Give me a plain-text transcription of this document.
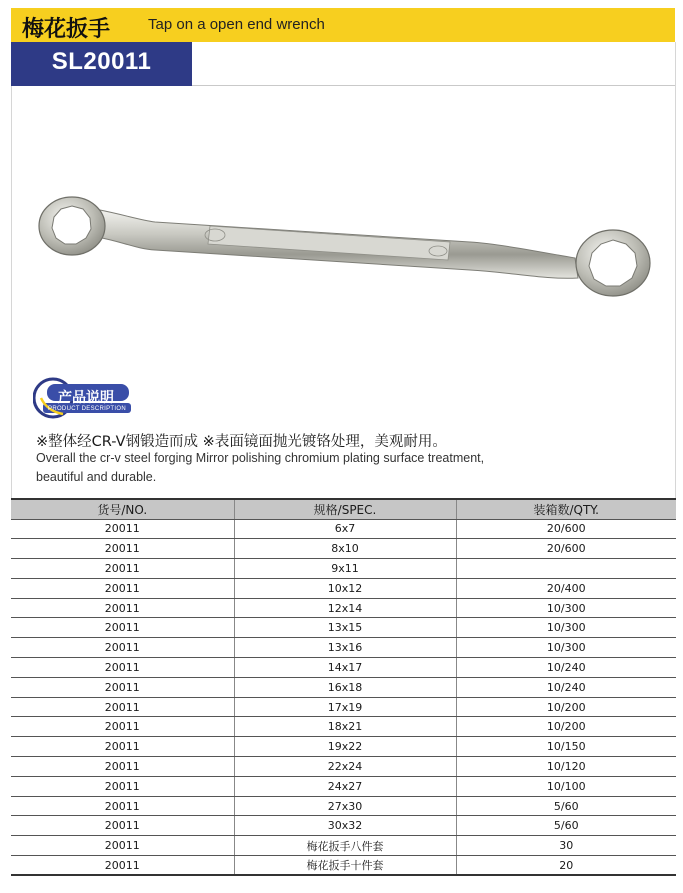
梅花扳手	Tap on a open end wrench
SL20011
产品说明
PRODUCT DESCRIPTION
※整体经CR-V钢锻造而成 ※表面镜面抛光镀铬处理，美观耐用。
Overall the cr-v steel forging Mirror polishing chromium plating surface treatment,
beautiful and durable.
货号/NO.	规格/SPEC.	装箱数/QTY.
20011	6x7	20/600
20011	8x10	20/600
20011	9x11	
20011	10x12	20/400
20011	12x14	10/300
20011	13x15	10/300
20011	13x16	10/300
20011	14x17	10/240
20011	16x18	10/240
20011	17x19	10/200
20011	18x21	10/200
20011	19x22	10/150
20011	22x24	10/120
20011	24x27	10/100
20011	27x30	5/60
20011	30x32	5/60
20011	梅花扳手八件套	30
20011	梅花扳手十件套	20
